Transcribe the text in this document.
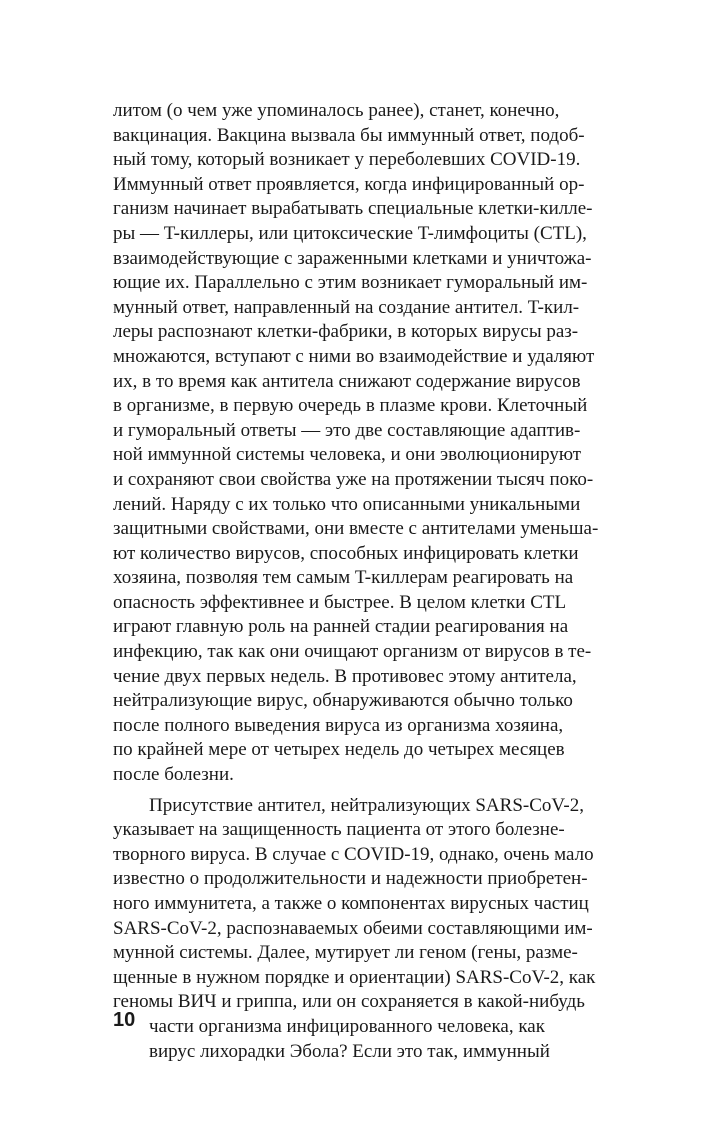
литом (о чем уже упоминалось ранее), станет, конечно,
вакцинация. Вакцина вызвала бы иммунный ответ, подоб-
ный тому, который возникает у переболевших COVID-19.
Иммунный ответ проявляется, когда инфицированный ор-
ганизм начинает вырабатывать специальные клетки-килле-
ры — T-киллеры, или цитоксические T-лимфоциты (CTL),
взаимодействующие с зараженными клетками и уничтожа-
ющие их. Параллельно с этим возникает гуморальный им-
мунный ответ, направленный на создание антител. T-кил-
леры распознают клетки-фабрики, в которых вирусы раз-
множаются, вступают с ними во взаимодействие и удаляют
их, в то время как антитела снижают содержание вирусов
в организме, в первую очередь в плазме крови. Клеточный
и гуморальный ответы — это две составляющие адаптив-
ной иммунной системы человека, и они эволюционируют
и сохраняют свои свойства уже на протяжении тысяч поко-
лений. Наряду с их только что описанными уникальными
защитными свойствами, они вместе с антителами уменьша-
ют количество вирусов, способных инфицировать клетки
хозяина, позволяя тем самым T-киллерам реагировать на
опасность эффективнее и быстрее. В целом клетки CTL
играют главную роль на ранней стадии реагирования на
инфекцию, так как они очищают организм от вирусов в те-
чение двух первых недель. В противовес этому антитела,
нейтрализующие вирус, обнаруживаются обычно только
после полного выведения вируса из организма хозяина,
по крайней мере от четырех недель до четырех месяцев
после болезни.
Присутствие антител, нейтрализующих SARS-CoV-2,
указывает на защищенность пациента от этого болезне-
творного вируса. В случае с COVID-19, однако, очень мало
известно о продолжительности и надежности приобретен-
ного иммунитета, а также о компонентах вирусных частиц
SARS-CoV-2, распознаваемых обеими составляющими им-
мунной системы. Далее, мутирует ли геном (гены, разме-
щенные в нужном порядке и ориентации) SARS-CoV-2, как
геномы ВИЧ и гриппа, или он сохраняется в какой-нибудь
части организма инфицированного человека, как
вирус лихорадки Эбола? Если это так, иммунный
10
